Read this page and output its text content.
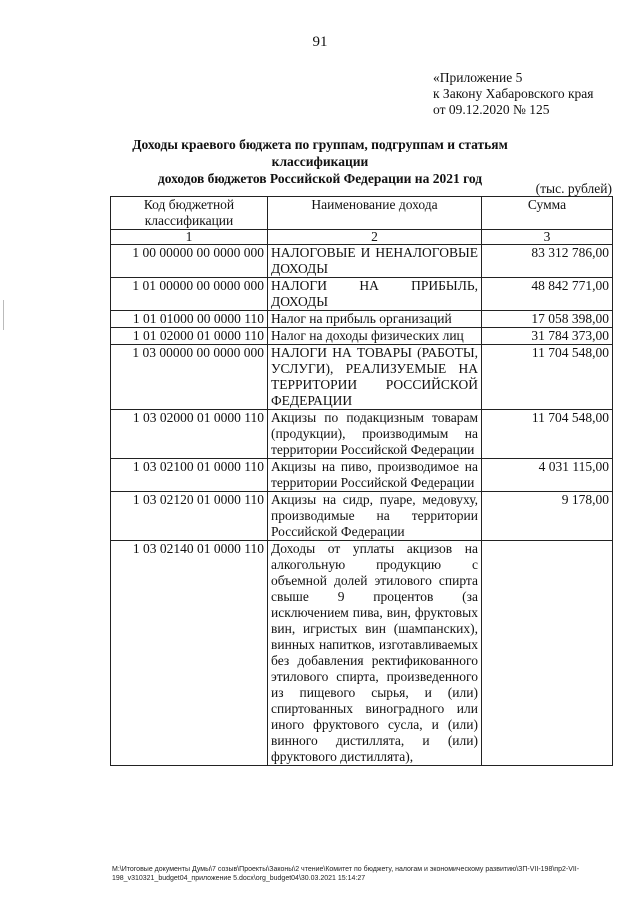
91
«Приложение 5
к Закону Хабаровского края
от 09.12.2020 № 125
Доходы краевого бюджета по группам, подгруппам и статьям классификации
доходов бюджетов Российской Федерации на 2021 год
(тыс. рублей)
Код бюджетной классификации	Наименование дохода	Сумма
1	2	3
1 00 00000 00 0000 000	НАЛОГОВЫЕ И НЕНАЛОГОВЫЕ ДОХОДЫ	83 312 786,00
1 01 00000 00 0000 000	НАЛОГИ НА ПРИБЫЛЬ, ДОХОДЫ	48 842 771,00
1 01 01000 00 0000 110	Налог на прибыль организаций	17 058 398,00
1 01 02000 01 0000 110	Налог на доходы физических лиц	31 784 373,00
1 03 00000 00 0000 000	НАЛОГИ НА ТОВАРЫ (РАБОТЫ, УСЛУГИ), РЕАЛИЗУЕМЫЕ НА ТЕРРИТОРИИ РОССИЙСКОЙ ФЕДЕРАЦИИ	11 704 548,00
1 03 02000 01 0000 110	Акцизы по подакцизным товарам (продукции), производимым на территории Российской Федерации	11 704 548,00
1 03 02100 01 0000 110	Акцизы на пиво, производимое на территории Российской Федерации	4 031 115,00
1 03 02120 01 0000 110	Акцизы на сидр, пуаре, медовуху, производимые на территории Российской Федерации	9 178,00
1 03 02140 01 0000 110	Доходы от уплаты акцизов на алкогольную продукцию с объемной долей этилового спирта свыше 9 процентов (за исключением пива, вин, фруктовых вин, игристых вин (шампанских), винных напитков, изготавливаемых без добавления ректификованного этилового спирта, произведенного из пищевого сырья, и (или) спиртованных виноградного или иного фруктового сусла, и (или) винного дистиллята, и (или) фруктового дистиллята),	
M:\Итоговые документы Думы\7 созыв\Проекты\Законы\2 чтение\Комитет по бюджету, налогам и экономическому развитию\ЗП-VII-198\пр2-VII-198_v310321_budget04_приложение 5.docx\org_budget04\30.03.2021 15:14:27
